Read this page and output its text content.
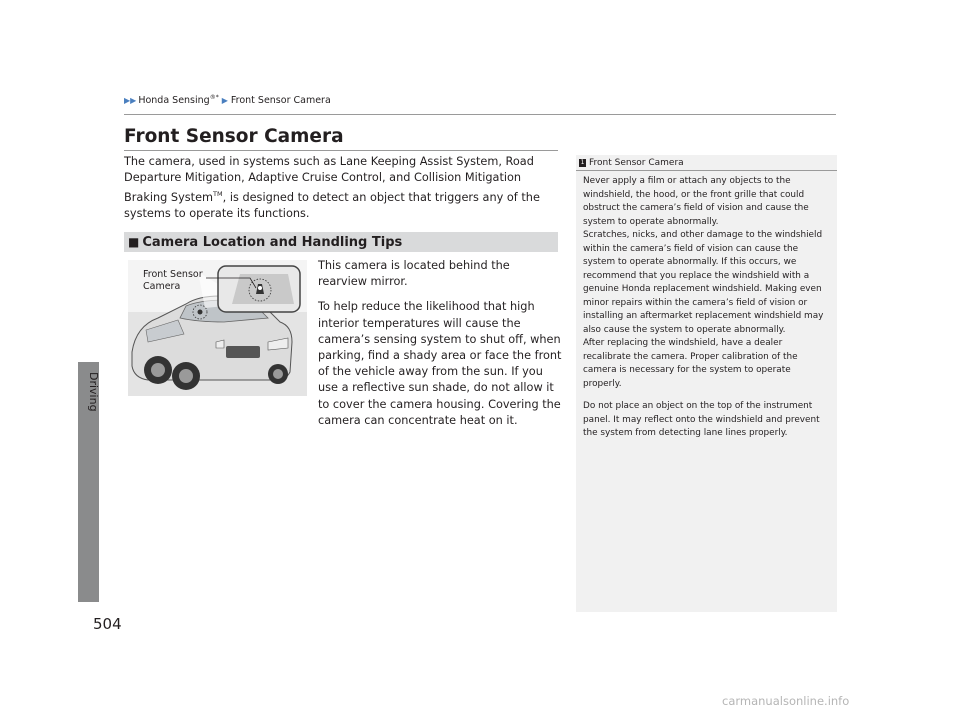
▶▶ Honda Sensing®* ▶ Front Sensor Camera
Driving
504
Front Sensor Camera

The camera, used in systems such as Lane Keeping Assist System, Road Departure Mitigation, Adaptive Cruise Control, and Collision Mitigation Braking System™, is designed to detect an object that triggers any of the systems to operate its functions.

■ Camera Location and Handling Tips
Front Sensor Camera

This camera is located behind the rearview mirror.

To help reduce the likelihood that high interior temperatures will cause the camera’s sensing system to shut off, when parking, find a shady area or face the front of the vehicle away from the sun. If you use a reflective sun shade, do not allow it to cover the camera housing. Covering the camera can concentrate heat on it.

1 Front Sensor Camera

Never apply a film or attach any objects to the windshield, the hood, or the front grille that could obstruct the camera’s field of vision and cause the system to operate abnormally.
Scratches, nicks, and other damage to the windshield within the camera’s field of vision can cause the system to operate abnormally. If this occurs, we recommend that you replace the windshield with a genuine Honda replacement windshield. Making even minor repairs within the camera’s field of vision or installing an aftermarket replacement windshield may also cause the system to operate abnormally.
After replacing the windshield, have a dealer recalibrate the camera. Proper calibration of the camera is necessary for the system to operate properly.

Do not place an object on the top of the instrument panel. It may reflect onto the windshield and prevent the system from detecting lane lines properly.

carmanualsonline.info
